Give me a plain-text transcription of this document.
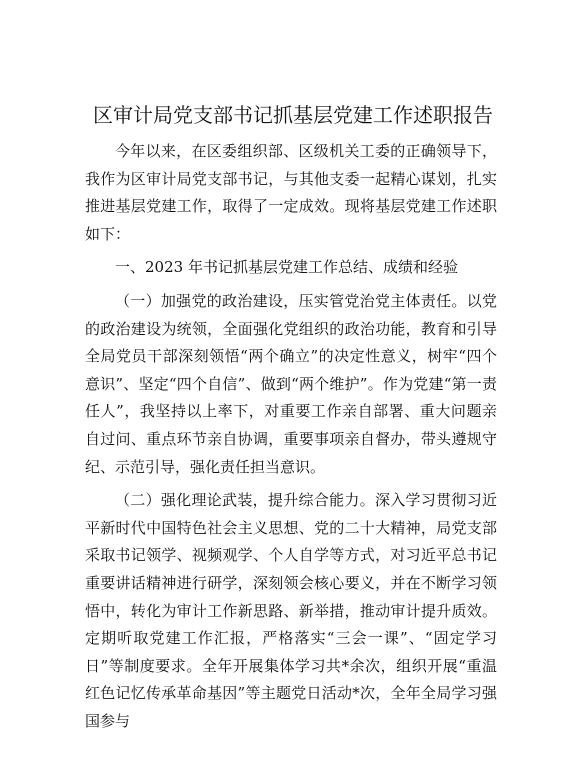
区审计局党支部书记抓基层党建工作述职报告

今年以来，在区委组织部、区级机关工委的正确领导下，我作为区审计局党支部书记，与其他支委一起精心谋划，扎实推进基层党建工作，取得了一定成效。现将基层党建工作述职如下：

一、2023 年书记抓基层党建工作总结、成绩和经验

（一）加强党的政治建设，压实管党治党主体责任。以党的政治建设为统领，全面强化党组织的政治功能，教育和引导全局党员干部深刻领悟“两个确立”的决定性意义，树牢“四个意识”、坚定“四个自信”、做到“两个维护”。作为党建“第一责任人”，我坚持以上率下，对重要工作亲自部署、重大问题亲自过问、重点环节亲自协调，重要事项亲自督办，带头遵规守纪、示范引导，强化责任担当意识。

（二）强化理论武装，提升综合能力。深入学习贯彻习近平新时代中国特色社会主义思想、党的二十大精神，局党支部采取书记领学、视频观学、个人自学等方式，对习近平总书记重要讲话精神进行研学，深刻领会核心要义，并在不断学习领悟中，转化为审计工作新思路、新举措，推动审计提升质效。定期听取党建工作汇报，严格落实“三会一课”、“固定学习日”等制度要求。全年开展集体学习共*余次，组织开展“重温红色记忆传承革命基因”等主题党日活动*次，全年全局学习强国参与
